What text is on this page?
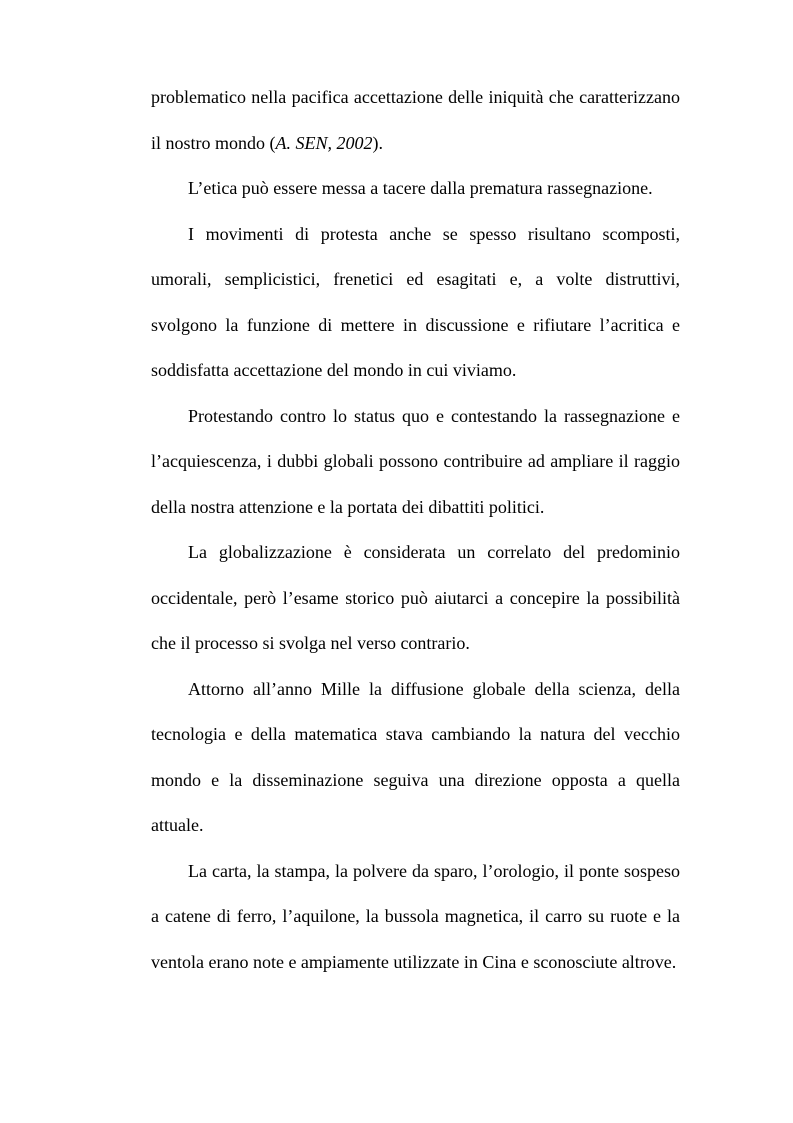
problematico nella pacifica accettazione delle iniquità che caratterizzano il nostro mondo (A. SEN, 2002).

L’etica può essere messa a tacere dalla prematura rassegnazione.

I movimenti di protesta anche se spesso risultano scomposti, umorali, semplicistici, frenetici ed esagitati e, a volte distruttivi, svolgono la funzione di mettere in discussione e rifiutare l’acritica e soddisfatta accettazione del mondo in cui viviamo.

Protestando contro lo status quo e contestando la rassegnazione e l’acquiescenza, i dubbi globali possono contribuire ad ampliare il raggio della nostra attenzione e la portata dei dibattiti politici.

La globalizzazione è considerata un correlato del predominio occidentale, però l’esame storico può aiutarci a concepire la possibilità che il processo si svolga nel verso contrario.

Attorno all’anno Mille la diffusione globale della scienza, della tecnologia e della matematica stava cambiando la natura del vecchio mondo e la disseminazione seguiva una direzione opposta a quella attuale.

La carta, la stampa, la polvere da sparo, l’orologio, il ponte sospeso a catene di ferro, l’aquilone, la bussola magnetica, il carro su ruote e la ventola erano note e ampiamente utilizzate in Cina e sconosciute altrove.
